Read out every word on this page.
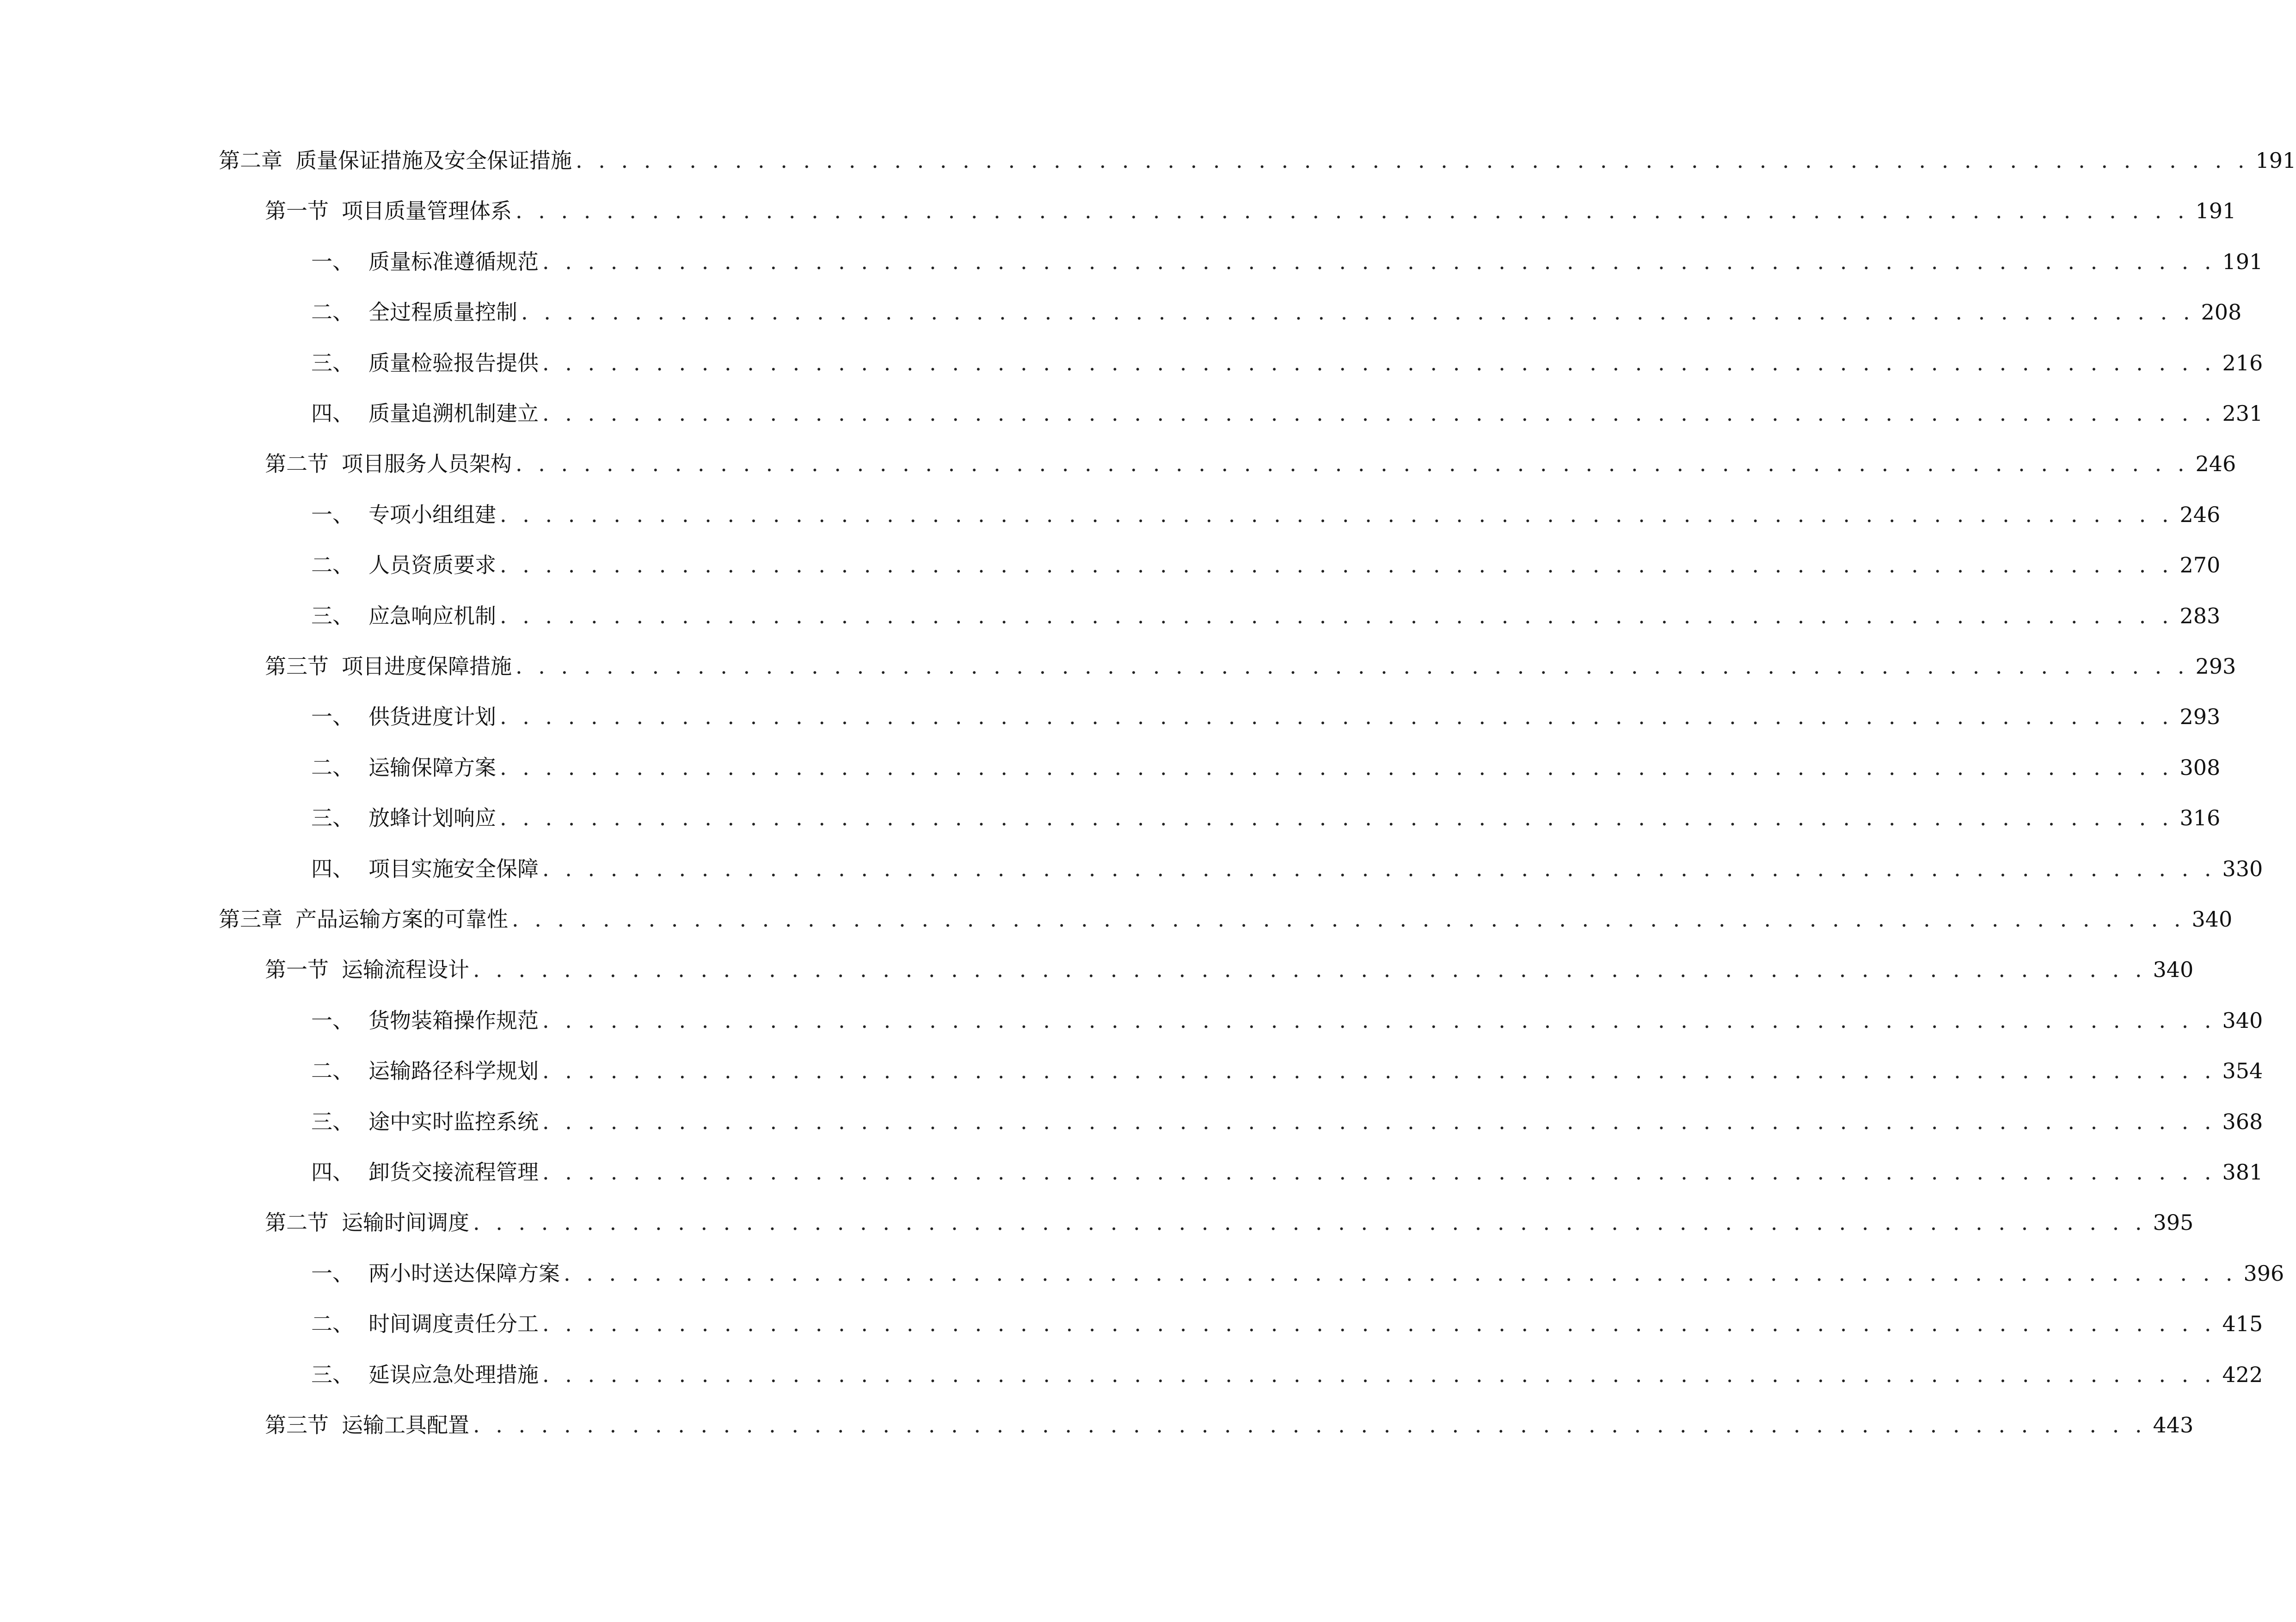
第二章 质量保证措施及安全保证措施 . . . . . . . . . . . . . . . . . . . . . . . . . . . . . . . . . . . . . . . . . . . . . . . . . . . . . . . . . . . . . . . . . . . . . . . . . . 191
第一节 项目质量管理体系 . . . . . . . . . . . . . . . . . . . . . . . . . . . . . . . . . . . . . . . . . . . . . . . . . . . . . . . . . . . . . . . . . . . . . . . . . . 191
一、 质量标准遵循规范 . . . . . . . . . . . . . . . . . . . . . . . . . . . . . . . . . . . . . . . . . . . . . . . . . . . . . . . . . . . . . . . . . . . . . . . . . . 191
二、 全过程质量控制 . . . . . . . . . . . . . . . . . . . . . . . . . . . . . . . . . . . . . . . . . . . . . . . . . . . . . . . . . . . . . . . . . . . . . . . . . . 208
三、 质量检验报告提供 . . . . . . . . . . . . . . . . . . . . . . . . . . . . . . . . . . . . . . . . . . . . . . . . . . . . . . . . . . . . . . . . . . . . . . . . . . 216
四、 质量追溯机制建立 . . . . . . . . . . . . . . . . . . . . . . . . . . . . . . . . . . . . . . . . . . . . . . . . . . . . . . . . . . . . . . . . . . . . . . . . . . 231
第二节 项目服务人员架构 . . . . . . . . . . . . . . . . . . . . . . . . . . . . . . . . . . . . . . . . . . . . . . . . . . . . . . . . . . . . . . . . . . . . . . . . . . 246
一、 专项小组组建 . . . . . . . . . . . . . . . . . . . . . . . . . . . . . . . . . . . . . . . . . . . . . . . . . . . . . . . . . . . . . . . . . . . . . . . . . . 246
二、 人员资质要求 . . . . . . . . . . . . . . . . . . . . . . . . . . . . . . . . . . . . . . . . . . . . . . . . . . . . . . . . . . . . . . . . . . . . . . . . . . 270
三、 应急响应机制 . . . . . . . . . . . . . . . . . . . . . . . . . . . . . . . . . . . . . . . . . . . . . . . . . . . . . . . . . . . . . . . . . . . . . . . . . . 283
第三节 项目进度保障措施 . . . . . . . . . . . . . . . . . . . . . . . . . . . . . . . . . . . . . . . . . . . . . . . . . . . . . . . . . . . . . . . . . . . . . . . . . . 293
一、 供货进度计划 . . . . . . . . . . . . . . . . . . . . . . . . . . . . . . . . . . . . . . . . . . . . . . . . . . . . . . . . . . . . . . . . . . . . . . . . . . 293
二、 运输保障方案 . . . . . . . . . . . . . . . . . . . . . . . . . . . . . . . . . . . . . . . . . . . . . . . . . . . . . . . . . . . . . . . . . . . . . . . . . . 308
三、 放蜂计划响应 . . . . . . . . . . . . . . . . . . . . . . . . . . . . . . . . . . . . . . . . . . . . . . . . . . . . . . . . . . . . . . . . . . . . . . . . . . 316
四、 项目实施安全保障 . . . . . . . . . . . . . . . . . . . . . . . . . . . . . . . . . . . . . . . . . . . . . . . . . . . . . . . . . . . . . . . . . . . . . . . . . . 330
第三章 产品运输方案的可靠性 . . . . . . . . . . . . . . . . . . . . . . . . . . . . . . . . . . . . . . . . . . . . . . . . . . . . . . . . . . . . . . . . . . . . . . . . . . 340
第一节 运输流程设计 . . . . . . . . . . . . . . . . . . . . . . . . . . . . . . . . . . . . . . . . . . . . . . . . . . . . . . . . . . . . . . . . . . . . . . . . . . 340
一、 货物装箱操作规范 . . . . . . . . . . . . . . . . . . . . . . . . . . . . . . . . . . . . . . . . . . . . . . . . . . . . . . . . . . . . . . . . . . . . . . . . . . 340
二、 运输路径科学规划 . . . . . . . . . . . . . . . . . . . . . . . . . . . . . . . . . . . . . . . . . . . . . . . . . . . . . . . . . . . . . . . . . . . . . . . . . . 354
三、 途中实时监控系统 . . . . . . . . . . . . . . . . . . . . . . . . . . . . . . . . . . . . . . . . . . . . . . . . . . . . . . . . . . . . . . . . . . . . . . . . . . 368
四、 卸货交接流程管理 . . . . . . . . . . . . . . . . . . . . . . . . . . . . . . . . . . . . . . . . . . . . . . . . . . . . . . . . . . . . . . . . . . . . . . . . . . 381
第二节 运输时间调度 . . . . . . . . . . . . . . . . . . . . . . . . . . . . . . . . . . . . . . . . . . . . . . . . . . . . . . . . . . . . . . . . . . . . . . . . . . 395
一、 两小时送达保障方案 . . . . . . . . . . . . . . . . . . . . . . . . . . . . . . . . . . . . . . . . . . . . . . . . . . . . . . . . . . . . . . . . . . . . . . . . . . 396
二、 时间调度责任分工 . . . . . . . . . . . . . . . . . . . . . . . . . . . . . . . . . . . . . . . . . . . . . . . . . . . . . . . . . . . . . . . . . . . . . . . . . . 415
三、 延误应急处理措施 . . . . . . . . . . . . . . . . . . . . . . . . . . . . . . . . . . . . . . . . . . . . . . . . . . . . . . . . . . . . . . . . . . . . . . . . . . 422
第三节 运输工具配置 . . . . . . . . . . . . . . . . . . . . . . . . . . . . . . . . . . . . . . . . . . . . . . . . . . . . . . . . . . . . . . . . . . . . . . . . . . 443
